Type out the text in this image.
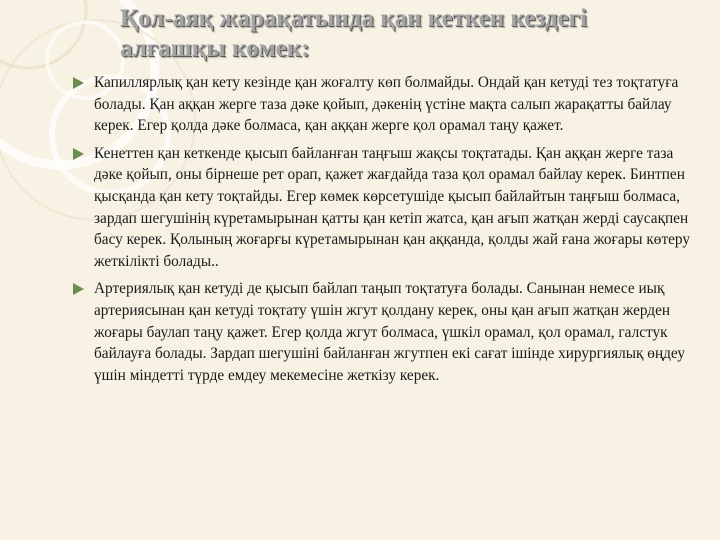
Қол-аяқ жарақатында қан кеткен кездегі алғашқы көмек:
Капиллярлық қан кету кезінде қан жоғалту көп болмайды. Ондай қан кетуді тез тоқтатуға болады. Қан аққан жерге таза дәке қойып, дәкенің үстіне мақта салып жарақатты байлау керек. Егер қолда дәке болмаса, қан аққан жерге қол орамал таңу қажет.
Кенеттен қан кеткенде қысып байланған таңғыш жақсы тоқтатады. Қан аққан жерге таза дәке қойып, оны бірнеше рет орап, қажет жағдайда таза қол орамал байлау керек. Бинтпен қысқанда қан кету тоқтайды. Егер көмек көрсетушіде қысып байлайтын таңғыш болмаса, зардап шегушінің күретамырынан қатты қан кетіп жатса, қан ағып жатқан жерді саусақпен басу керек. Қолының жоғарғы күретамырынан қан аққанда, қолды жай ғана жоғары көтеру жеткілікті болады..
Артериялық қан кетуді де қысып байлап таңып тоқтатуға болады. Санынан немесе иық артериясынан қан кетуді тоқтату үшін жгут қолдану керек, оны қан ағып жатқан жерден жоғары баулап таңу қажет. Егер қолда жгут болмаса, үшкіл орамал, қол орамал, галстук байлауға болады. Зардап шегушіні байланған жгутпен екі сағат ішінде хирургиялық өңдеу үшін міндетті түрде емдеу мекемесіне жеткізу керек.
